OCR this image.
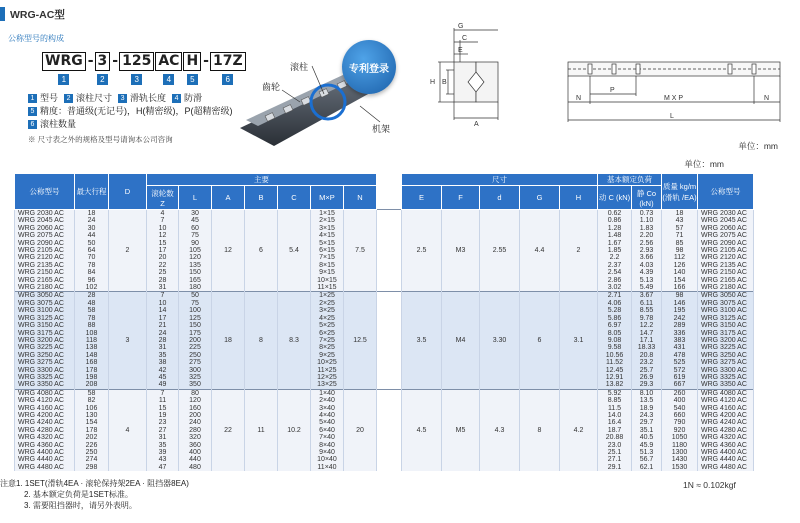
WRG-AC型
公称型号的构成
WRG
1
- 3
2
- 125
3
AC
4
H
5
- 17Z
6
1 型号	2 滚柱尺寸	3 滑轨长度	4 防滑
5 精度：普通级(无记号)，H(精密级)，P(超精密级)
6 滚柱数量
※ 尺寸表之外的规格及型号请询本公司咨询
滚柱
齒轮
机架
专利登录
G
C
E
H B
A
N
P
M X P	N
L
单位：mm
单位：mm
公称型号	最大行程	D	主要								尺寸					基本额定负荷		质量 kg/m (滑轨 /EA)	公称型号
			滚轮数
Z	L	A	B	C	M×P	N		E	F	d	G	H	动 C (kN)	静 Co (kN)		
WRG 2030 AC	18	2	4	30	12	6	5.4	1×15	7.5		2.5	M3	2.55	4.4	2	0.62	0.73	18	WRG 2030 AC
WRG 2045 AC	24		7	45				2×15								0.86	1.10	43	WRG 2045 AC
WRG 2060 AC	30		10	60				3×15								1.28	1.83	57	WRG 2060 AC
WRG 2075 AC	44		12	75				4×15								1.48	2.20	71	WRG 2075 AC
WRG 2090 AC	50		15	90				5×15								1.67	2.56	85	WRG 2090 AC
WRG 2105 AC	64		17	105				6×15								1.85	2.93	98	WRG 2105 AC
WRG 2120 AC	70		20	120				7×15								2.2	3.66	112	WRG 2120 AC
WRG 2135 AC	78		22	135				8×15								2.37	4.03	126	WRG 2135 AC
WRG 2150 AC	84		25	150				9×15								2.54	4.39	140	WRG 2150 AC
WRG 2165 AC	96		28	165				10×15								2.86	5.13	154	WRG 2165 AC
WRG 2180 AC	102		31	180				11×15								3.02	5.49	166	WRG 2180 AC
WRG 3050 AC	28	3	7	50	18	8	8.3	1×25	12.5		3.5	M4	3.30	6	3.1	2.71	3.67	98	WRG 3050 AC
WRG 3075 AC	48		10	75				2×25								4.06	6.11	146	WRG 3075 AC
WRG 3100 AC	58		14	100				3×25								5.28	8.55	195	WRG 3100 AC
WRG 3125 AC	78		17	125				4×25								5.86	9.78	242	WRG 3125 AC
WRG 3150 AC	88		21	150				5×25								6.97	12.2	289	WRG 3150 AC
WRG 3175 AC	108		24	175				6×25								8.05	14.7	336	WRG 3175 AC
WRG 3200 AC	118		28	200				7×25								9.08	17.1	383	WRG 3200 AC
WRG 3225 AC	138		31	225				8×25								9.58	18.33	431	WRG 3225 AC
WRG 3250 AC	148		35	250				9×25								10.56	20.8	478	WRG 3250 AC
WRG 3275 AC	168		38	275				10×25								11.52	23.2	525	WRG 3275 AC
WRG 3300 AC	178		42	300				11×25								12.45	25.7	572	WRG 3300 AC
WRG 3325 AC	198		45	325				12×25								12.91	26.9	619	WRG 3325 AC
WRG 3350 AC	208		49	350				13×25								13.82	29.3	667	WRG 3350 AC
WRG 4080 AC	58	4	7	80	22	11	10.2	1×40	20		4.5	M5	4.3	8	4.2	5.92	8.10	260	WRG 4080 AC
WRG 4120 AC	82		11	120				2×40								8.85	13.5	400	WRG 4120 AC
WRG 4160 AC	106		15	160				3×40								11.5	18.9	540	WRG 4160 AC
WRG 4200 AC	130		19	200				4×40								14.0	24.3	660	WRG 4200 AC
WRG 4240 AC	154		23	240				5×40								16.4	29.7	790	WRG 4240 AC
WRG 4280 AC	178		27	280				6×40								18.7	35.1	920	WRG 4280 AC
WRG 4320 AC	202		31	320				7×40								20.88	40.5	1050	WRG 4320 AC
WRG 4360 AC	226		35	360				8×40								23.0	45.9	1180	WRG 4360 AC
WRG 4400 AC	250		39	400				9×40								25.1	51.3	1300	WRG 4400 AC
WRG 4440 AC	274		43	440				10×40								27.1	56.7	1430	WRG 4440 AC
WRG 4480 AC	298		47	480				11×40								29.1	62.1	1530	WRG 4480 AC
注意1. 1SET(滑轨4EA · 滚轮保持架2EA · 阻挡器8EA)
2. 基本额定负荷是1SET标准。
3. 需要阻挡器时，请另外表明。
1N ≈ 0.102kgf
